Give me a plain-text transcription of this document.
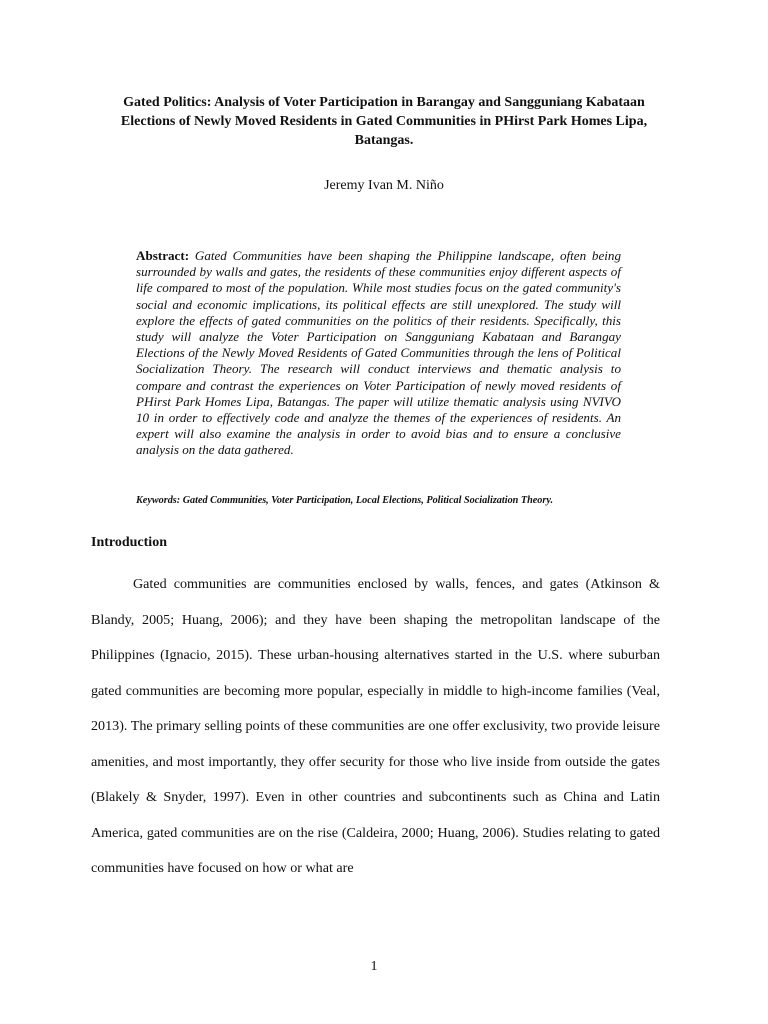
Gated Politics: Analysis of Voter Participation in Barangay and Sangguniang Kabataan
Elections of Newly Moved Residents in Gated Communities in PHirst Park Homes Lipa,
Batangas.
Jeremy Ivan M. Niño
Abstract: Gated Communities have been shaping the Philippine landscape, often being surrounded by walls and gates, the residents of these communities enjoy different aspects of life compared to most of the population. While most studies focus on the gated community's social and economic implications, its political effects are still unexplored. The study will explore the effects of gated communities on the politics of their residents. Specifically, this study will analyze the Voter Participation on Sangguniang Kabataan and Barangay Elections of the Newly Moved Residents of Gated Communities through the lens of Political Socialization Theory. The research will conduct interviews and thematic analysis to compare and contrast the experiences on Voter Participation of newly moved residents of PHirst Park Homes Lipa, Batangas. The paper will utilize thematic analysis using NVIVO 10 in order to effectively code and analyze the themes of the experiences of residents. An expert will also examine the analysis in order to avoid bias and to ensure a conclusive analysis on the data gathered.
Keywords: Gated Communities, Voter Participation, Local Elections, Political Socialization Theory.
Introduction

Gated communities are communities enclosed by walls, fences, and gates (Atkinson & Blandy, 2005; Huang, 2006); and they have been shaping the metropolitan landscape of the Philippines (Ignacio, 2015). These urban-housing alternatives started in the U.S. where suburban gated communities are becoming more popular, especially in middle to high-income families (Veal, 2013). The primary selling points of these communities are one offer exclusivity, two provide leisure amenities, and most importantly, they offer security for those who live inside from outside the gates (Blakely & Snyder, 1997). Even in other countries and subcontinents such as China and Latin America, gated communities are on the rise (Caldeira, 2000; Huang, 2006). Studies relating to gated communities have focused on how or what are

1
